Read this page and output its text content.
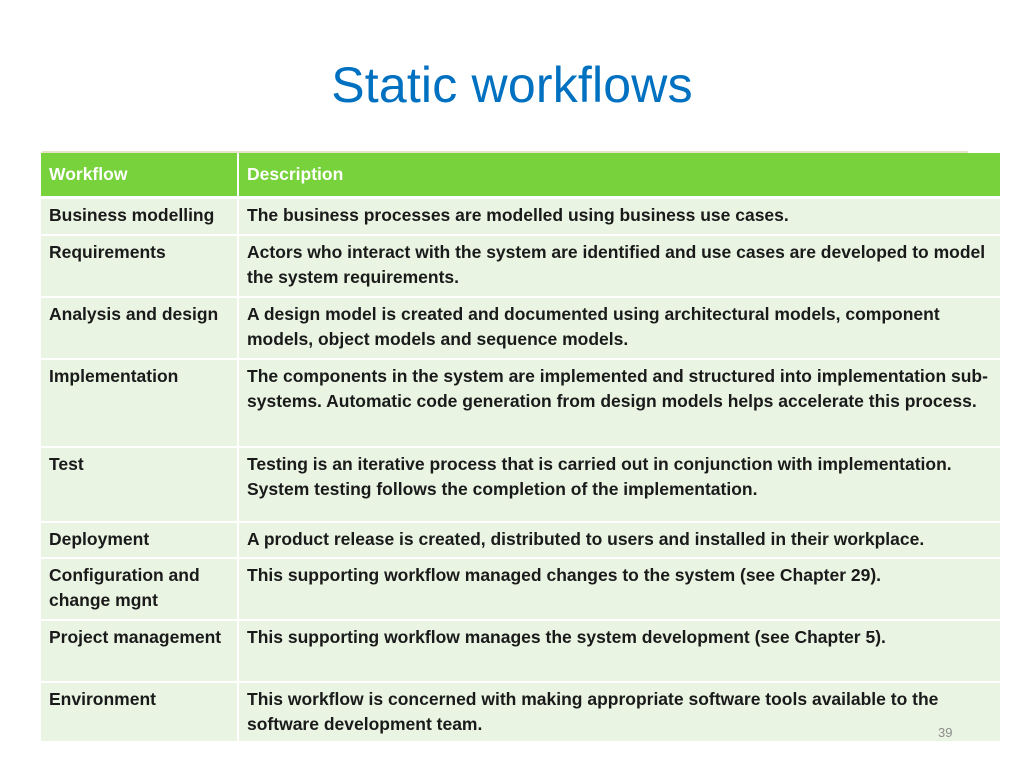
Static workflows
Workflow	Description
Business modelling	The business processes are modelled using business use cases.
Requirements	Actors who interact with the system are identified and use cases are developed to model the system requirements.
Analysis and design	A design model is created and documented using architectural models, component models, object models and sequence models.
Implementation	The components in the system are implemented and structured into implementation sub-systems. Automatic code generation from design models helps accelerate this process.
Test	Testing is an iterative process that is carried out in conjunction with implementation. System testing follows the completion of the implementation.
Deployment	A product release is created, distributed to users and installed in their workplace.
Configuration and change mgnt	This supporting workflow managed changes to the system (see Chapter 29).
Project management	This supporting workflow manages the system development (see Chapter 5).
Environment	This workflow is concerned with making appropriate software tools available to the software development team.	39
